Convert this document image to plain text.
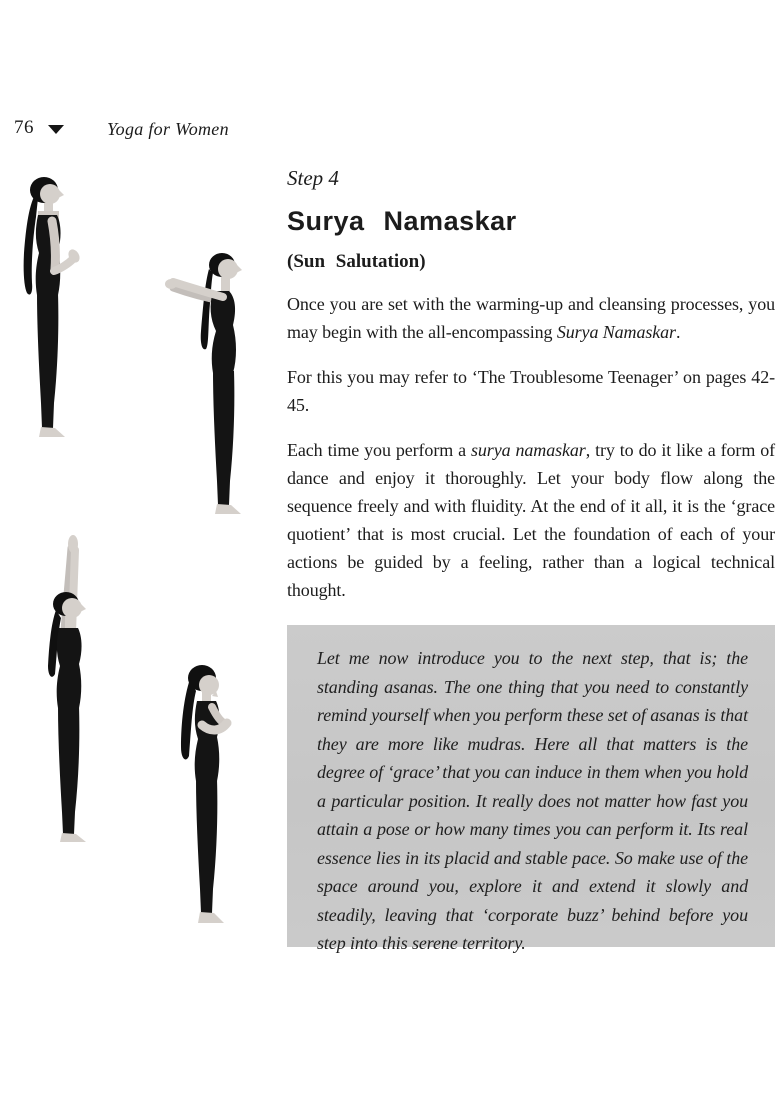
76	Yoga for Women

Step 4

Surya Namaskar

(Sun Salutation)

Once you are set with the warming-up and cleansing processes, you may begin with the all-encompassing Surya Namaskar.

For this you may refer to ‘The Troublesome Teenager’ on pages 42-45.

Each time you perform a surya namaskar, try to do it like a form of dance and enjoy it thoroughly. Let your body flow along the sequence freely and with fluidity. At the end of it all, it is the ‘grace quotient’ that is most crucial. Let the foundation of each of your actions be guided by a feeling, rather than a logical technical thought.

Let me now introduce you to the next step, that is; the standing asanas. The one thing that you need to constantly remind yourself when you perform these set of asanas is that they are more like mudras. Here all that matters is the degree of ‘grace’ that you can induce in them when you hold a particular position. It really does not matter how fast you attain a pose or how many times you can perform it. Its real essence lies in its placid and stable pace. So make use of the space around you, explore it and extend it slowly and steadily, leaving that ‘corporate buzz’ behind before you step into this serene territory.
